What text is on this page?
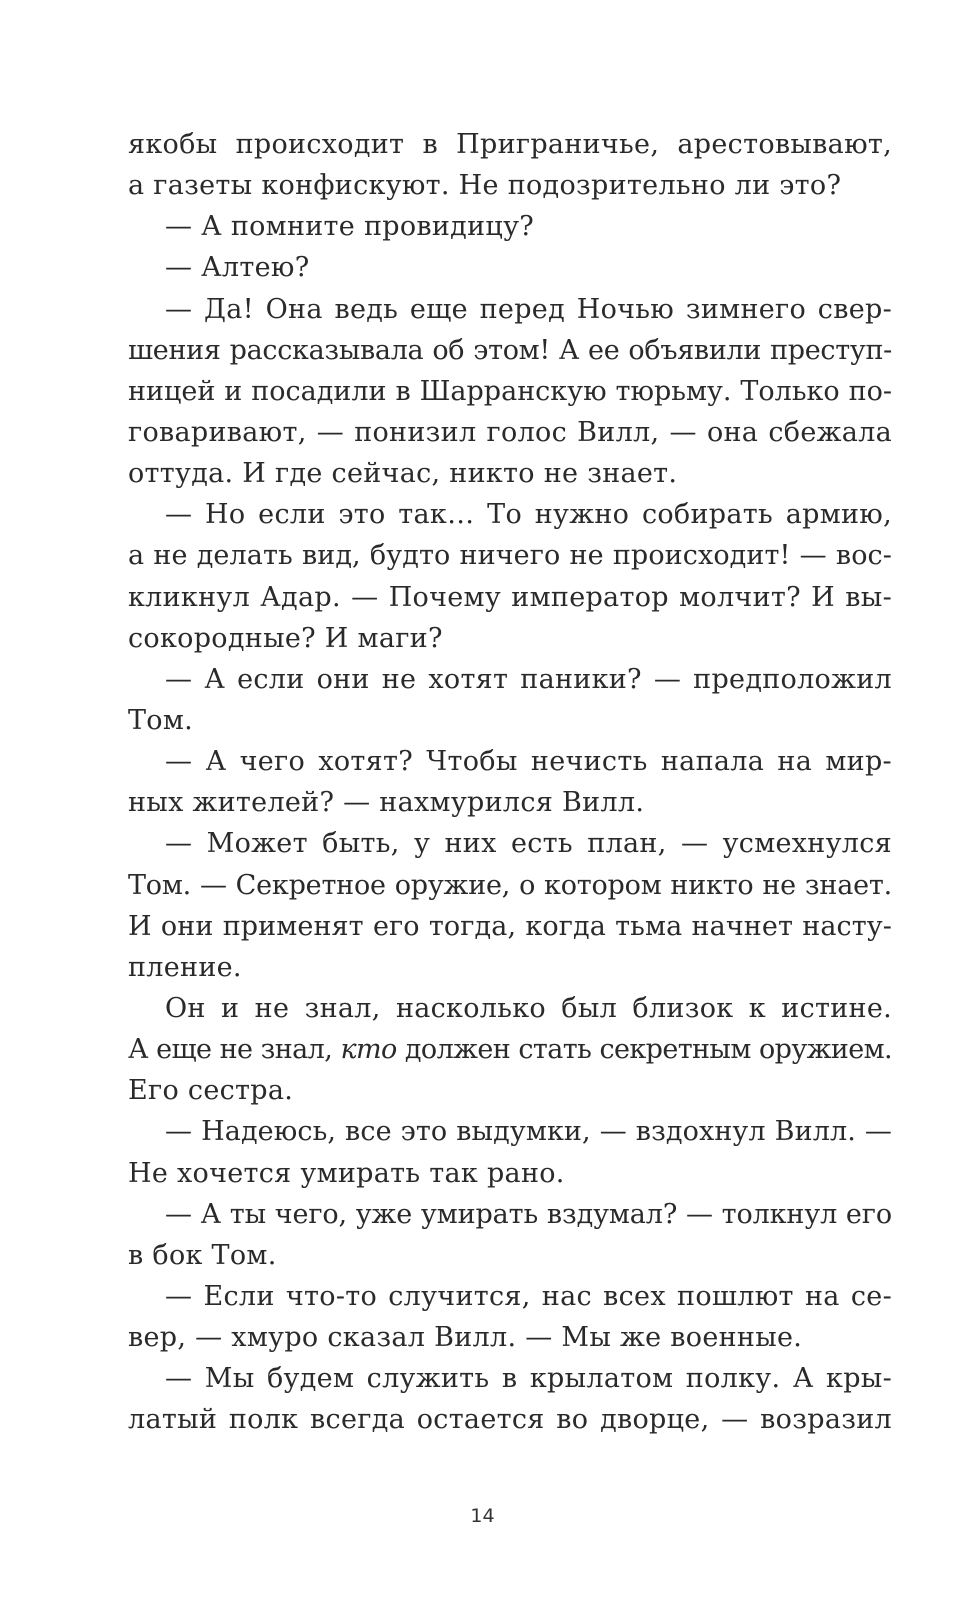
якобы происходит в Приграничье, арестовывают,
а газеты конфискуют. Не подозрительно ли это?
— А помните провидицу?
— Алтею?
— Да! Она ведь еще перед Ночью зимнего свер-
шения рассказывала об этом! А ее объявили преступ-
ницей и посадили в Шарранскую тюрьму. Только по-
говаривают, — понизил голос Вилл, — она сбежала
оттуда. И где сейчас, никто не знает.
— Но если это так… То нужно собирать армию,
а не делать вид, будто ничего не происходит! — вос-
кликнул Адар. — Почему император молчит? И вы-
сокородные? И маги?
— А если они не хотят паники? — предположил
Том.
— А чего хотят? Чтобы нечисть напала на мир-
ных жителей? — нахмурился Вилл.
— Может быть, у них есть план, — усмехнулся
Том. — Секретное оружие, о котором никто не знает.
И они применят его тогда, когда тьма начнет насту-
пление.
Он и не знал, насколько был близок к истине.
А еще не знал, кто должен стать секретным оружием.
Его сестра.
— Надеюсь, все это выдумки, — вздохнул Вилл. —
Не хочется умирать так рано.
— А ты чего, уже умирать вздумал? — толкнул его
в бок Том.
— Если что-то случится, нас всех пошлют на се-
вер, — хмуро сказал Вилл. — Мы же военные.
— Мы будем служить в крылатом полку. А кры-
латый полк всегда остается во дворце, — возразил
14
